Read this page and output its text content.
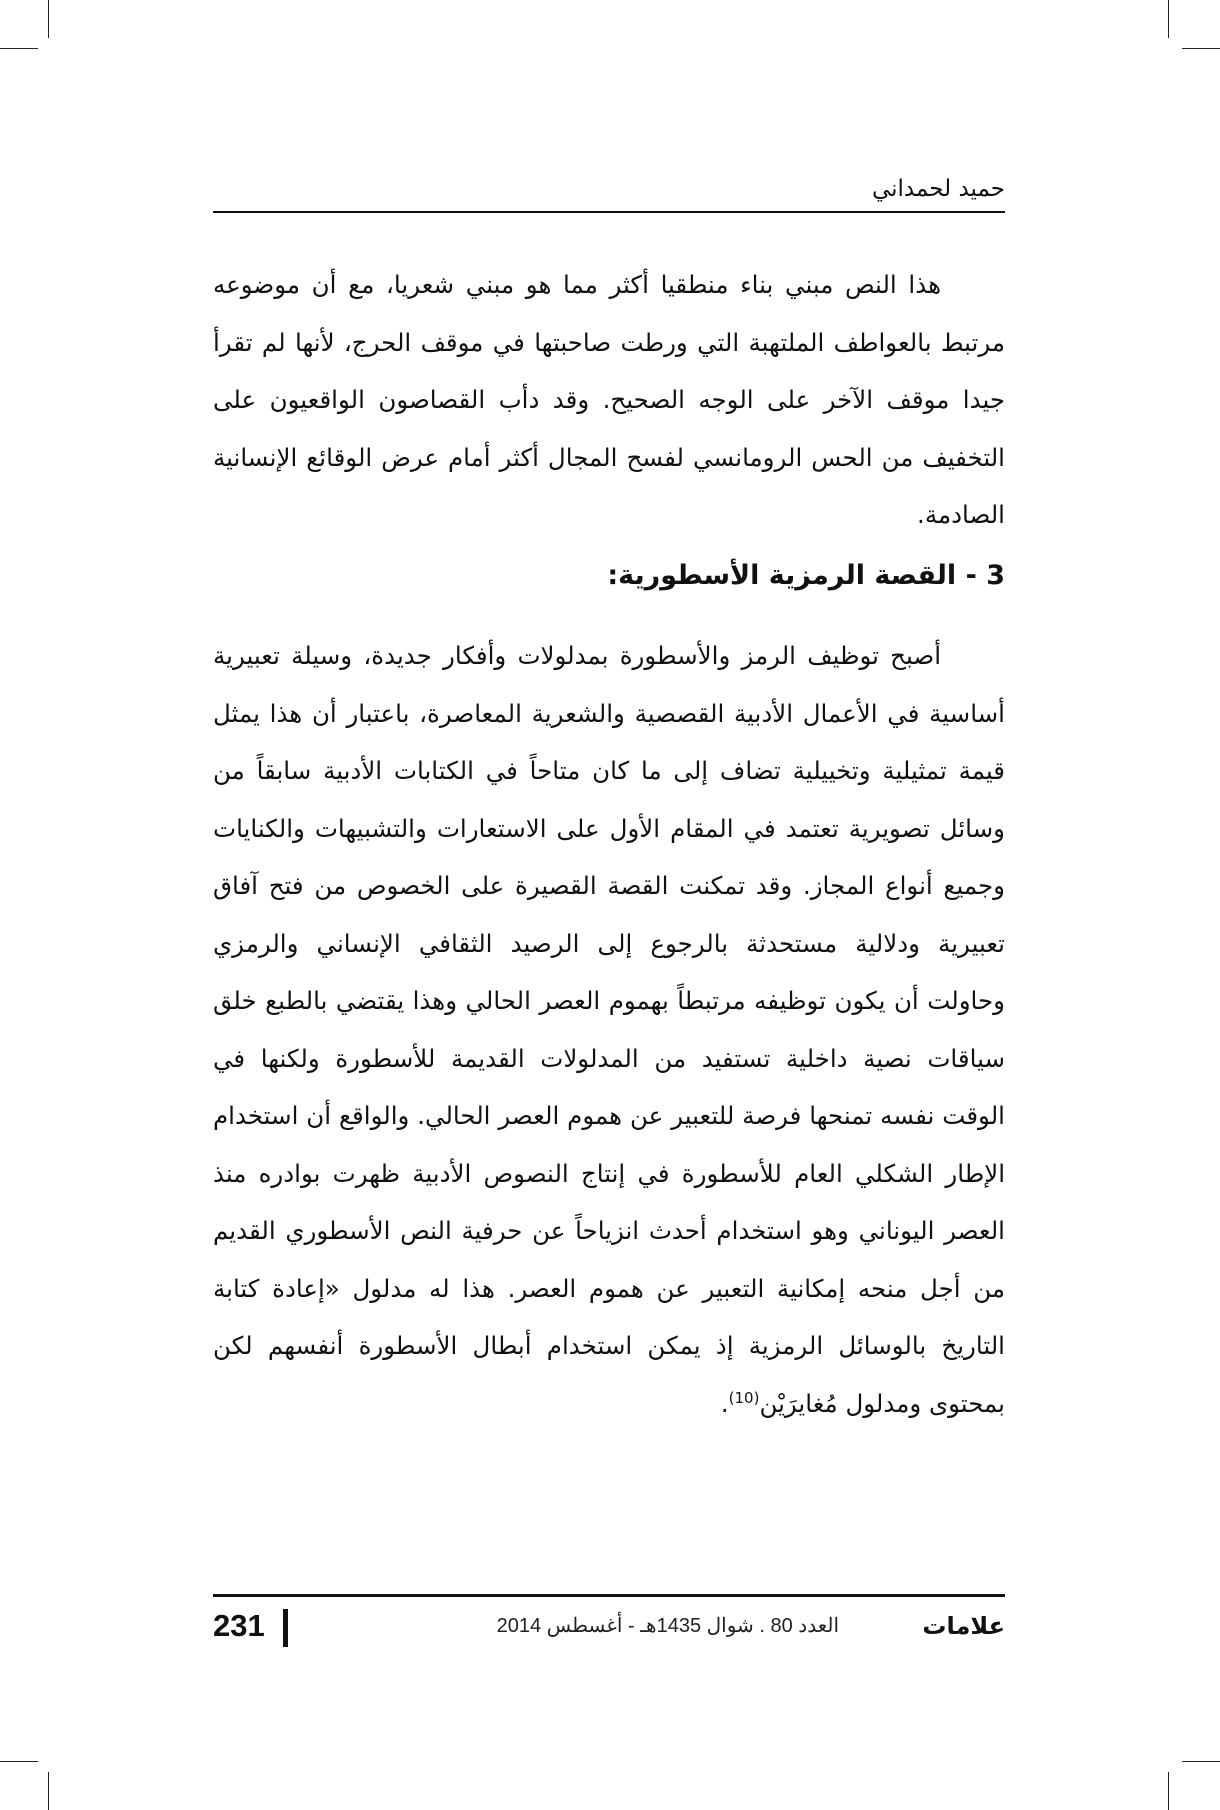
حميد لحمداني

هذا النص مبني بناء منطقيا أكثر مما هو مبني شعريا، مع أن موضوعه مرتبط بالعواطف الملتهبة التي ورطت صاحبتها في موقف الحرج، لأنها لم تقرأ جيدا موقف الآخر على الوجه الصحيح. وقد دأب القصاصون الواقعيون على التخفيف من الحس الرومانسي لفسح المجال أكثر أمام عرض الوقائع الإنسانية الصادمة.

3 - القصة الرمزية الأسطورية:

أصبح توظيف الرمز والأسطورة بمدلولات وأفكار جديدة، وسيلة تعبيرية أساسية في الأعمال الأدبية القصصية والشعرية المعاصرة، باعتبار أن هذا يمثل قيمة تمثيلية وتخييلية تضاف إلى ما كان متاحاً في الكتابات الأدبية سابقاً من وسائل تصويرية تعتمد في المقام الأول على الاستعارات والتشبيهات والكنايات وجميع أنواع المجاز. وقد تمكنت القصة القصيرة على الخصوص من فتح آفاق تعبيرية ودلالية مستحدثة بالرجوع إلى الرصيد الثقافي الإنساني والرمزي وحاولت أن يكون توظيفه مرتبطاً بهموم العصر الحالي وهذا يقتضي بالطبع خلق سياقات نصية داخلية تستفيد من المدلولات القديمة للأسطورة ولكنها في الوقت نفسه تمنحها فرصة للتعبير عن هموم العصر الحالي. والواقع أن استخدام الإطار الشكلي العام للأسطورة في إنتاج النصوص الأدبية ظهرت بوادره منذ العصر اليوناني وهو استخدام أحدث انزياحاً عن حرفية النص الأسطوري القديم من أجل منحه إمكانية التعبير عن هموم العصر. هذا له مدلول «إعادة كتابة التاريخ بالوسائل الرمزية إذ يمكن استخدام أبطال الأسطورة أنفسهم لكن بمحتوى ومدلول مُغايرَيْن$^{(10)}$.

231	العدد 80 . شوال 1435هـ - أغسطس 2014	علامات
